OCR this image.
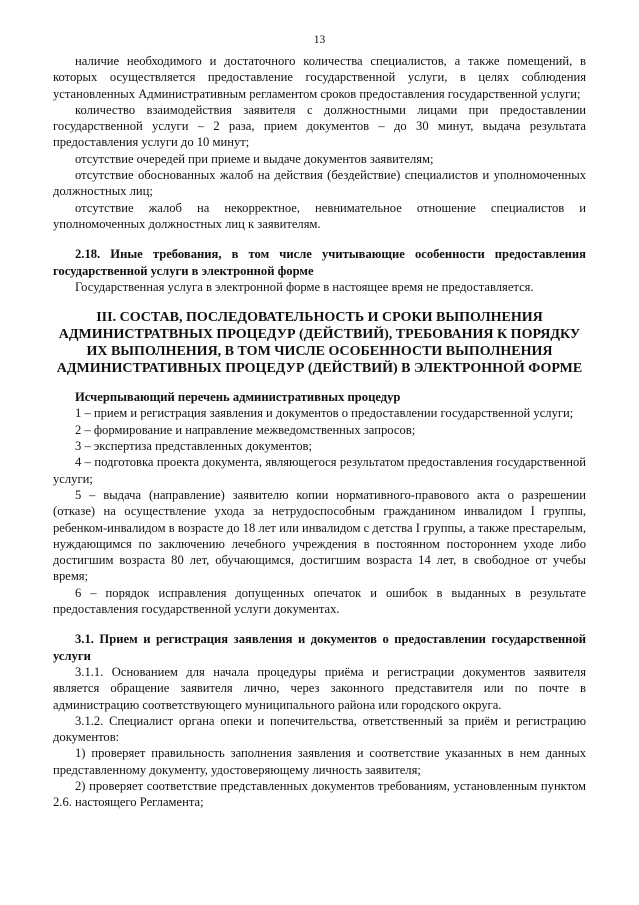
13

наличие необходимого и достаточного количества специалистов, а также помещений, в которых осуществляется предоставление государственной услуги, в целях соблюдения установленных Административным регламентом сроков предоставления государственной услуги;

количество взаимодействия заявителя с должностными лицами при предоставлении государственной услуги – 2 раза, прием документов – до 30 минут, выдача результата предоставления услуги до 10 минут;

отсутствие очередей при приеме и выдаче документов заявителям;

отсутствие обоснованных жалоб на действия (бездействие) специалистов и уполномоченных должностных лиц;

отсутствие жалоб на некорректное, невнимательное отношение специалистов и уполномоченных должностных лиц к заявителям.

2.18. Иные требования, в том числе учитывающие особенности предоставления государственной услуги в электронной форме

Государственная услуга в электронной форме в настоящее время не предоставляется.

III. СОСТАВ, ПОСЛЕДОВАТЕЛЬНОСТЬ И СРОКИ ВЫПОЛНЕНИЯ АДМИНИСТРАТВНЫХ ПРОЦЕДУР (ДЕЙСТВИЙ), ТРЕБОВАНИЯ К ПОРЯДКУ ИХ ВЫПОЛНЕНИЯ, В ТОМ ЧИСЛЕ ОСОБЕННОСТИ ВЫПОЛНЕНИЯ АДМИНИСТРАТИВНЫХ ПРОЦЕДУР (ДЕЙСТВИЙ) В ЭЛЕКТРОННОЙ ФОРМЕ

Исчерпывающий перечень административных процедур

1 – прием и регистрация заявления и документов о предоставлении государственной услуги;

2 – формирование и направление межведомственных запросов;

3 – экспертиза представленных документов;

4 – подготовка проекта документа, являющегося результатом предоставления государственной услуги;

5 – выдача (направление) заявителю копии нормативного-правового акта о разрешении (отказе) на осуществление ухода за нетрудоспособным гражданином инвалидом I группы, ребенком-инвалидом в возрасте до 18 лет или инвалидом с детства I группы, а также престарелым, нуждающимся по заключению лечебного учреждения в постоянном постороннем уходе либо достигшим возраста 80 лет, обучающимся, достигшим возраста 14 лет, в свободное от учебы время;

6 – порядок исправления допущенных опечаток и ошибок в выданных в результате предоставления государственной услуги документах.

3.1. Прием и регистрация заявления и документов о предоставлении государственной услуги

3.1.1. Основанием для начала процедуры приёма и регистрации документов заявителя является обращение заявителя лично, через законного представителя или по почте в администрацию соответствующего муниципального района или городского округа.

3.1.2. Специалист органа опеки и попечительства, ответственный за приём и регистрацию документов:

1) проверяет правильность заполнения заявления и соответствие указанных в нем данных представленному документу, удостоверяющему личность заявителя;

2) проверяет соответствие представленных документов требованиям, установленным пунктом 2.6. настоящего Регламента;
